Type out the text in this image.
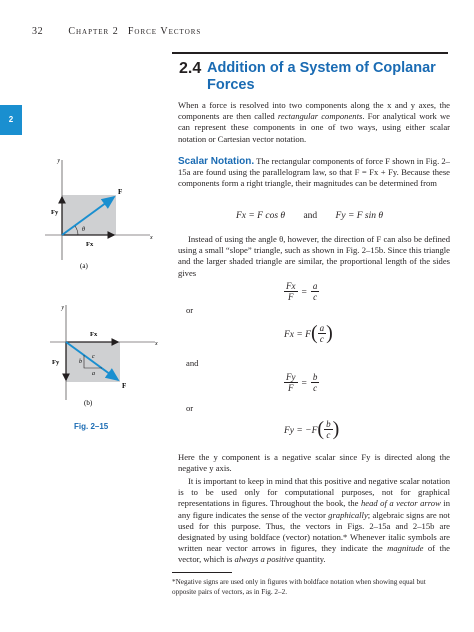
32	Chapter 2 Force Vectors
2.4 Addition of a System of Coplanar Forces
2
When a force is resolved into two components along the x and y axes, the components are then called rectangular components. For analytical work we can represent these components in one of two ways, using either scalar notation or Cartesian vector notation.
Scalar Notation. The rectangular components of force F shown in Fig. 2–15a are found using the parallelogram law, so that F = Fx + Fy. Because these components form a right triangle, their magnitudes can be determined from
Fx = F cos θ and Fy = F sin θ
Instead of using the angle θ, however, the direction of F can also be defined using a small “slope” triangle, such as shown in Fig. 2–15b. Since this triangle and the larger shaded triangle are similar, the proportional length of the sides gives
$\frac{Fx}{F} = \frac{a}{c}$
or
$Fx = F( \frac{a}{c}$ )
and
$\frac{Fy}{F} = \frac{b}{c}$
or
$Fy = -F( \frac{b}{c}$ )
Here the y component is a negative scalar since Fy is directed along the negative y axis.
It is important to keep in mind that this positive and negative scalar notation is to be used only for computational purposes, not for graphical representations in figures. Throughout the book, the head of a vector arrow in any figure indicates the sense of the vector graphically; algebraic signs are not used for this purpose. Thus, the vectors in Figs. 2–15a and 2–15b are designated by using boldface (vector) notation.* Whenever italic symbols are written near vector arrows in figures, they indicate the magnitude of the vector, which is always a positive quantity.
*Negative signs are used only in figures with boldface notation when showing equal but opposite pairs of vectors, as in Fig. 2–2.
y
x
F
Fy
Fx
θ
(a)
y
x
Fx
Fy
F
b
a
c
(b)
Fig. 2–15
